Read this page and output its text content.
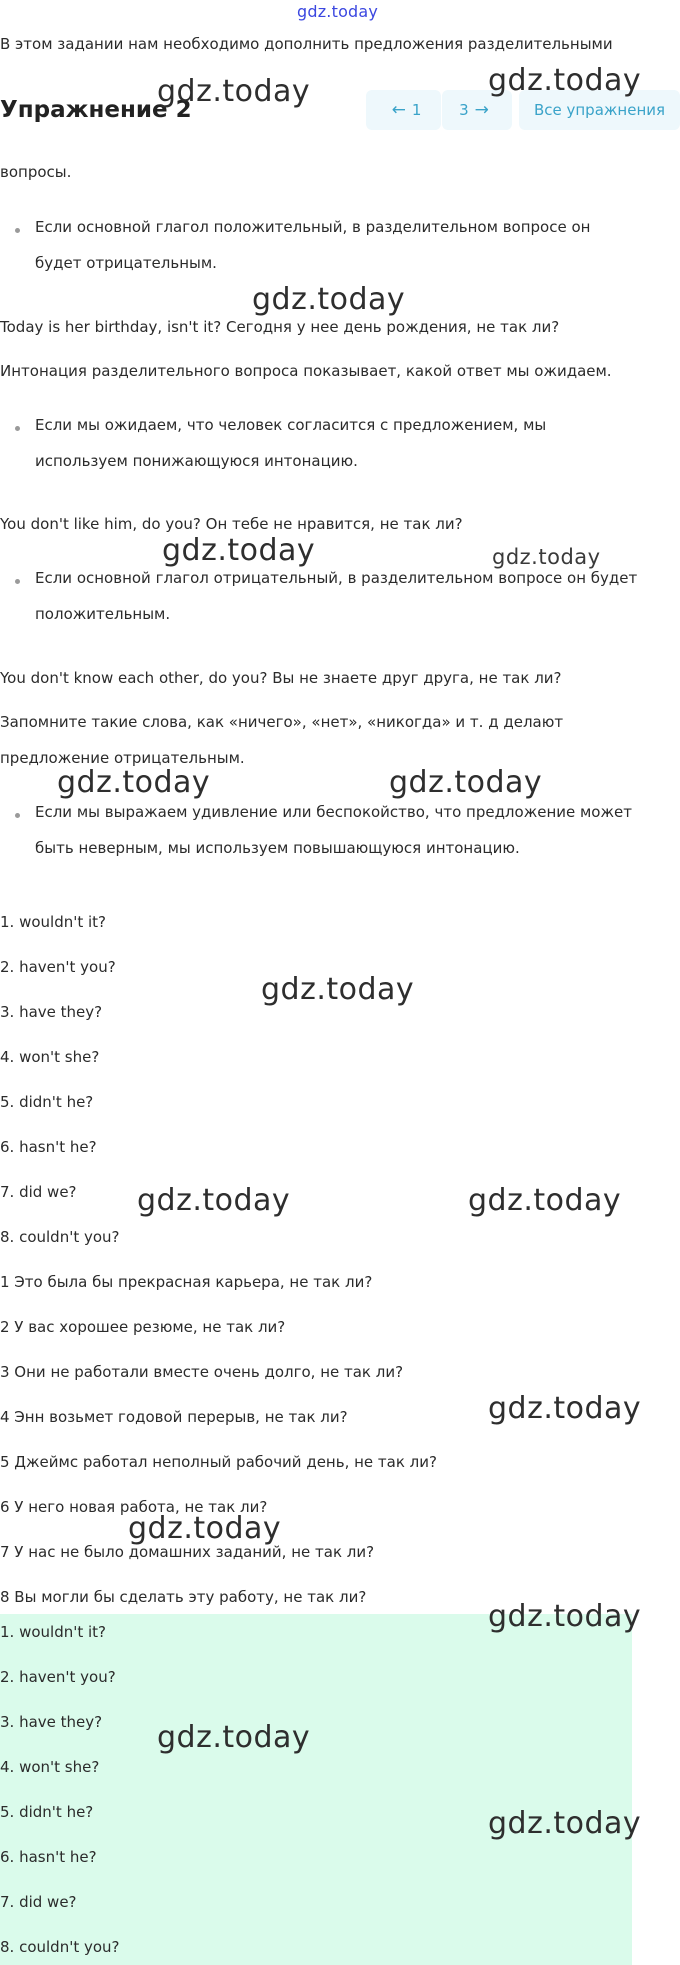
gdz.today
В этом задании нам необходимо дополнить предложения разделительными
Упражнение 2	← 1	3 →	Все упражнения
вопросы.
Если основной глагол положительный, в разделительном вопросе он
будет отрицательным.
Today is her birthday, isn't it? Сегодня у нее день рождения, не так ли?
Интонация разделительного вопроса показывает, какой ответ мы ожидаем.
Если мы ожидаем, что человек согласится с предложением, мы
используем понижающуюся интонацию.
You don't like him, do you? Он тебе не нравится, не так ли?
Если основной глагол отрицательный, в разделительном вопросе он будет
положительным.
You don't know each other, do you? Вы не знаете друг друга, не так ли?
Запомните такие слова, как «ничего», «нет», «никогда» и т. д делают
предложение отрицательным.
Если мы выражаем удивление или беспокойство, что предложение может
быть неверным, мы используем повышающуюся интонацию.
1. wouldn't it?
2. haven't you?
3. have they?
4. won't she?
5. didn't he?
6. hasn't he?
7. did we?
8. couldn't you?
1 Это была бы прекрасная карьера, не так ли?
2 У вас хорошее резюме, не так ли?
3 Они не работали вместе очень долго, не так ли?
4 Энн возьмет годовой перерыв, не так ли?
5 Джеймс работал неполный рабочий день, не так ли?
6 У него новая работа, не так ли?
7 У нас не было домашних заданий, не так ли?
8 Вы могли бы сделать эту работу, не так ли?
1. wouldn't it?
2. haven't you?
3. have they?
4. won't she?
5. didn't he?
6. hasn't he?
7. did we?
8. couldn't you?
gdz.today	gdz.today
gdz.today
gdz.today	gdz.today
gdz.today	gdz.today
gdz.today
gdz.today	gdz.today
gdz.today
gdz.today
gdz.today
gdz.today
gdz.today
